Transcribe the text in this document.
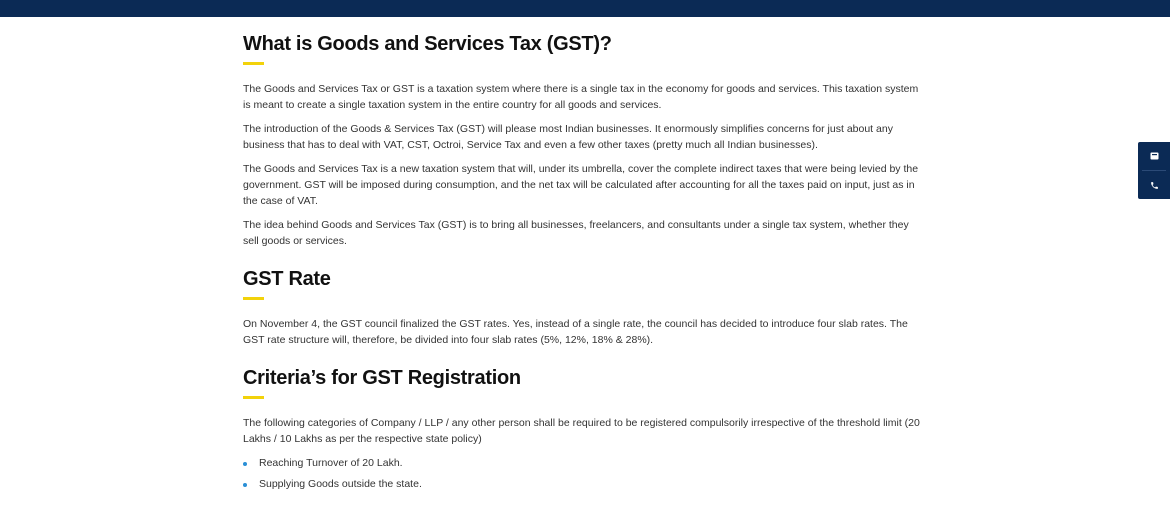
What is Goods and Services Tax (GST)?

The Goods and Services Tax or GST is a taxation system where there is a single tax in the economy for goods and services. This taxation system is meant to create a single taxation system in the entire country for all goods and services.

The introduction of the Goods & Services Tax (GST) will please most Indian businesses. It enormously simplifies concerns for just about any business that has to deal with VAT, CST, Octroi, Service Tax and even a few other taxes (pretty much all Indian businesses).

The Goods and Services Tax is a new taxation system that will, under its umbrella, cover the complete indirect taxes that were being levied by the government. GST will be imposed during consumption, and the net tax will be calculated after accounting for all the taxes paid on input, just as in the case of VAT.

The idea behind Goods and Services Tax (GST) is to bring all businesses, freelancers, and consultants under a single tax system, whether they sell goods or services.

GST Rate

On November 4, the GST council finalized the GST rates. Yes, instead of a single rate, the council has decided to introduce four slab rates. The GST rate structure will, therefore, be divided into four slab rates (5%, 12%, 18% & 28%).

Criteria’s for GST Registration

The following categories of Company / LLP / any other person shall be required to be registered compulsorily irrespective of the threshold limit (20 Lakhs / 10 Lakhs as per the respective state policy)

Reaching Turnover of 20 Lakh.
Supplying Goods outside the state.
